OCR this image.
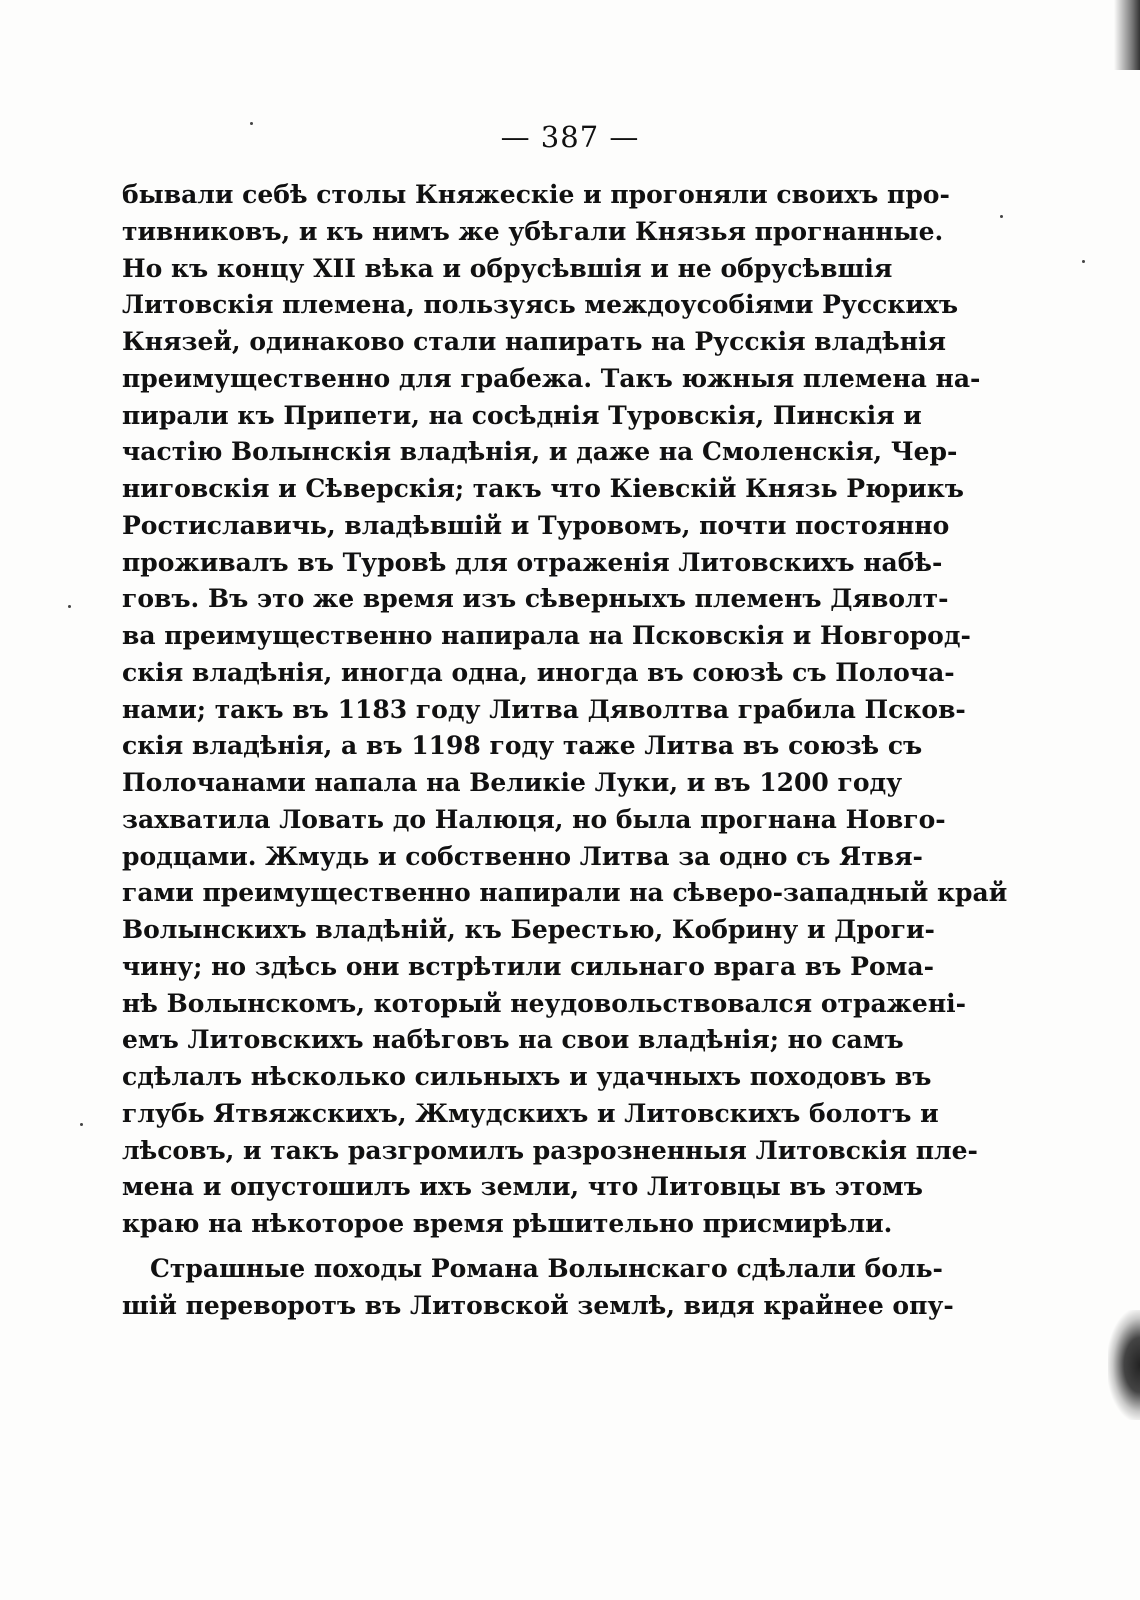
— 387 —
бывали себѣ столы Княжескіе и прогоняли своихъ про-
тивниковъ, и къ нимъ же убѣгали Князья прогнанные.
Но къ концу XII вѣка и обрусѣвшія и не обрусѣвшія
Литовскія племена, пользуясь междоусобіями Русскихъ
Князей, одинаково стали напирать на Русскія владѣнія
преимущественно для грабежа. Такъ южныя племена на-
пирали къ Припети, на сосѣднія Туровскія, Пинскія и
частію Волынскія владѣнія, и даже на Смоленскія, Чер-
ниговскія и Сѣверскія; такъ что Кіевскій Князь Рюрикъ
Ростиславичь, владѣвшій и Туровомъ, почти постоянно
проживалъ въ Туровѣ для отраженія Литовскихъ набѣ-
говъ. Въ это же время изъ сѣверныхъ племенъ Дяволт-
ва преимущественно напирала на Псковскія и Новгород-
скія владѣнія, иногда одна, иногда въ союзѣ съ Полоча-
нами; такъ въ 1183 году Литва Дяволтва грабила Псков-
скія владѣнія, а въ 1198 году таже Литва въ союзѣ съ
Полочанами напала на Великіе Луки, и въ 1200 году
захватила Ловать до Налюця, но была прогнана Новго-
родцами. Жмудь и собственно Литва за одно съ Ятвя-
гами преимущественно напирали на сѣверо-западный край
Волынскихъ владѣній, къ Берестью, Кобрину и Дроги-
чину; но здѣсь они встрѣтили сильнаго врага въ Рома-
нѣ Волынскомъ, который неудовольствовался отражені-
емъ Литовскихъ набѣговъ на свои владѣнія; но самъ
сдѣлалъ нѣсколько сильныхъ и удачныхъ походовъ въ
глубь Ятвяжскихъ, Жмудскихъ и Литовскихъ болотъ и
лѣсовъ, и такъ разгромилъ разрозненныя Литовскія пле-
мена и опустошилъ ихъ земли, что Литовцы въ этомъ
краю на нѣкоторое время рѣшительно присмирѣли.
Страшные походы Романа Волынскаго сдѣлали боль-
шій переворотъ въ Литовской землѣ, видя крайнее опу-
